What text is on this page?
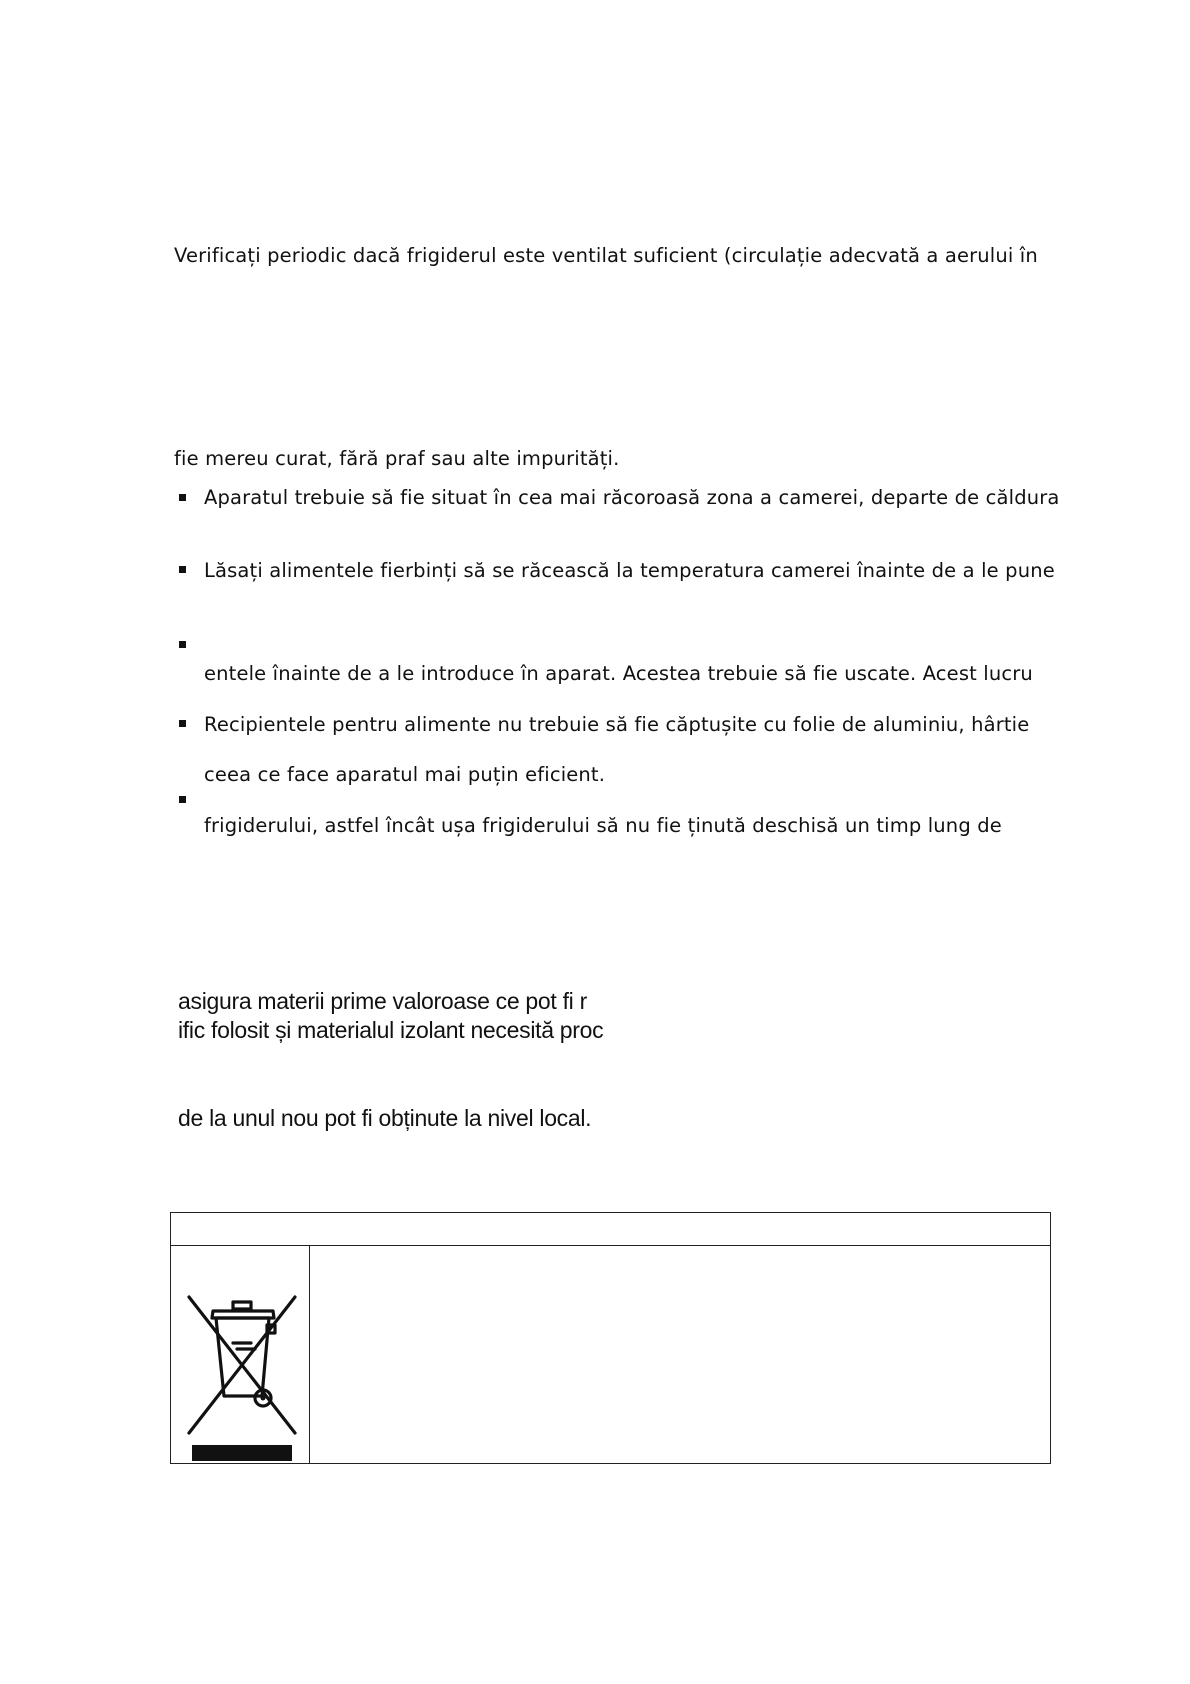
Verificați periodic dacă frigiderul este ventilat suficient (circulație adecvată a aerului în
fie mereu curat, fără praf sau alte impurități.
Aparatul trebuie să fie situat în cea mai răcoroasă zona a camerei, departe de căldura
Lăsați alimentele fierbinți să se răcească la temperatura camerei înainte de a le pune
entele înainte de a le introduce în aparat. Acestea trebuie să fie uscate. Acest lucru
Recipientele pentru alimente nu trebuie să fie căptușite cu folie de aluminiu, hârtie
ceea ce face aparatul mai puțin eficient.
frigiderului, astfel încât ușa frigiderului să nu fie ținută deschisă un timp lung de
asigura materii prime valoroase ce pot fi r
ific folosit și materialul izolant necesită proc
de la unul nou pot fi obținute la nivel local.
